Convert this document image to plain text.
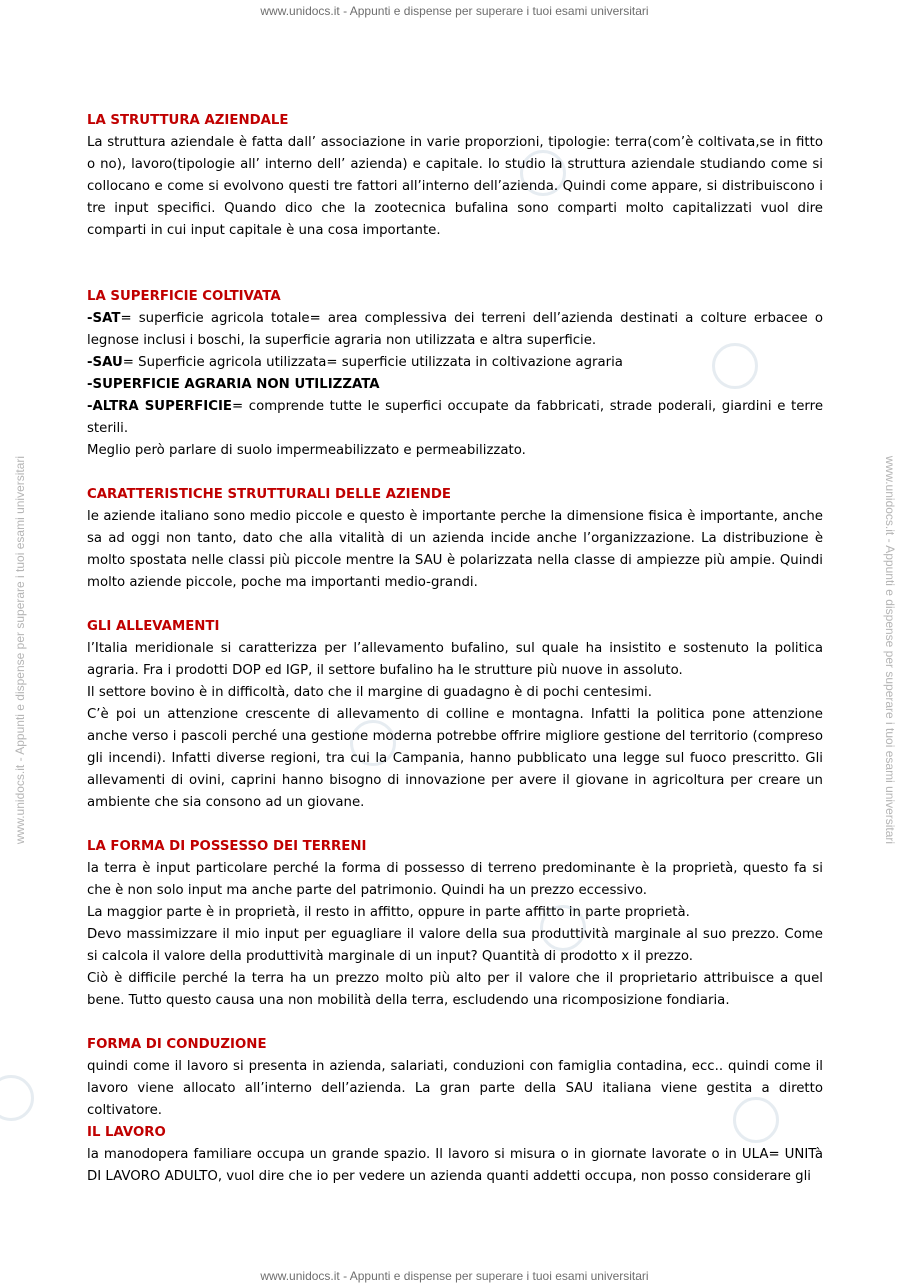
www.unidocs.it - Appunti e dispense per superare i tuoi esami universitari
www.unidocs.it - Appunti e dispense per superare i tuoi esami universitari
www.unidocs.it - Appunti e dispense per superare i tuoi esami universitari	www.unidocs.it - Appunti e dispense per superare i tuoi esami universitari
LA STRUTTURA AZIENDALE

La struttura aziendale è fatta dall’ associazione in varie proporzioni, tipologie: terra(com’è coltivata,se in fitto o no), lavoro(tipologie all’ interno dell’ azienda) e capitale. Io studio la struttura aziendale studiando come si collocano e come si evolvono questi tre fattori all’interno dell’azienda. Quindi come appare, si distribuiscono i tre input specifici. Quando dico che la zootecnica bufalina sono comparti molto capitalizzati vuol dire comparti in cui input capitale è una cosa importante.

LA SUPERFICIE COLTIVATA

-SAT= superficie agricola totale= area complessiva dei terreni dell’azienda destinati a colture erbacee o legnose inclusi i boschi, la superficie agraria non utilizzata e altra superficie.

-SAU= Superficie agricola utilizzata= superficie utilizzata in coltivazione agraria

-SUPERFICIE AGRARIA NON UTILIZZATA

-ALTRA SUPERFICIE= comprende tutte le superfici occupate da fabbricati, strade poderali, giardini e terre sterili.

Meglio però parlare di suolo impermeabilizzato e permeabilizzato.

CARATTERISTICHE STRUTTURALI DELLE AZIENDE

le aziende italiano sono medio piccole e questo è importante perche la dimensione fisica è importante, anche sa ad oggi non tanto, dato che alla vitalità di un azienda incide anche l’organizzazione. La distribuzione è molto spostata nelle classi più piccole mentre la SAU è polarizzata nella classe di ampiezze più ampie. Quindi molto aziende piccole, poche ma importanti medio-grandi.

GLI ALLEVAMENTI

l’Italia meridionale si caratterizza per l’allevamento bufalino, sul quale ha insistito e sostenuto la politica agraria. Fra i prodotti DOP ed IGP, il settore bufalino ha le strutture più nuove in assoluto.

Il settore bovino è in difficoltà, dato che il margine di guadagno è di pochi centesimi.

C’è poi un attenzione crescente di allevamento di colline e montagna. Infatti la politica pone attenzione anche verso i pascoli perché una gestione moderna potrebbe offrire migliore gestione del territorio (compreso gli incendi). Infatti diverse regioni, tra cui la Campania, hanno pubblicato una legge sul fuoco prescritto. Gli allevamenti di ovini, caprini hanno bisogno di innovazione per avere il giovane in agricoltura per creare un ambiente che sia consono ad un giovane.

LA FORMA DI POSSESSO DEI TERRENI

la terra è input particolare perché la forma di possesso di terreno predominante è la proprietà, questo fa si che è non solo input ma anche parte del patrimonio. Quindi ha un prezzo eccessivo.

La maggior parte è in proprietà, il resto in affitto, oppure in parte affitto in parte proprietà.

Devo massimizzare il mio input per eguagliare il valore della sua produttività marginale al suo prezzo. Come si calcola il valore della produttività marginale di un input? Quantità di prodotto x il prezzo.

Ciò è difficile perché la terra ha un prezzo molto più alto per il valore che il proprietario attribuisce a quel bene. Tutto questo causa una non mobilità della terra, escludendo una ricomposizione fondiaria.

FORMA DI CONDUZIONE

quindi come il lavoro si presenta in azienda, salariati, conduzioni con famiglia contadina, ecc.. quindi come il lavoro viene allocato all’interno dell’azienda. La gran parte della SAU italiana viene gestita a diretto coltivatore.

IL LAVORO

la manodopera familiare occupa un grande spazio. Il lavoro si misura o in giornate lavorate o in ULA= UNITà DI LAVORO ADULTO, vuol dire che io per vedere un azienda quanti addetti occupa, non posso considerare gli
